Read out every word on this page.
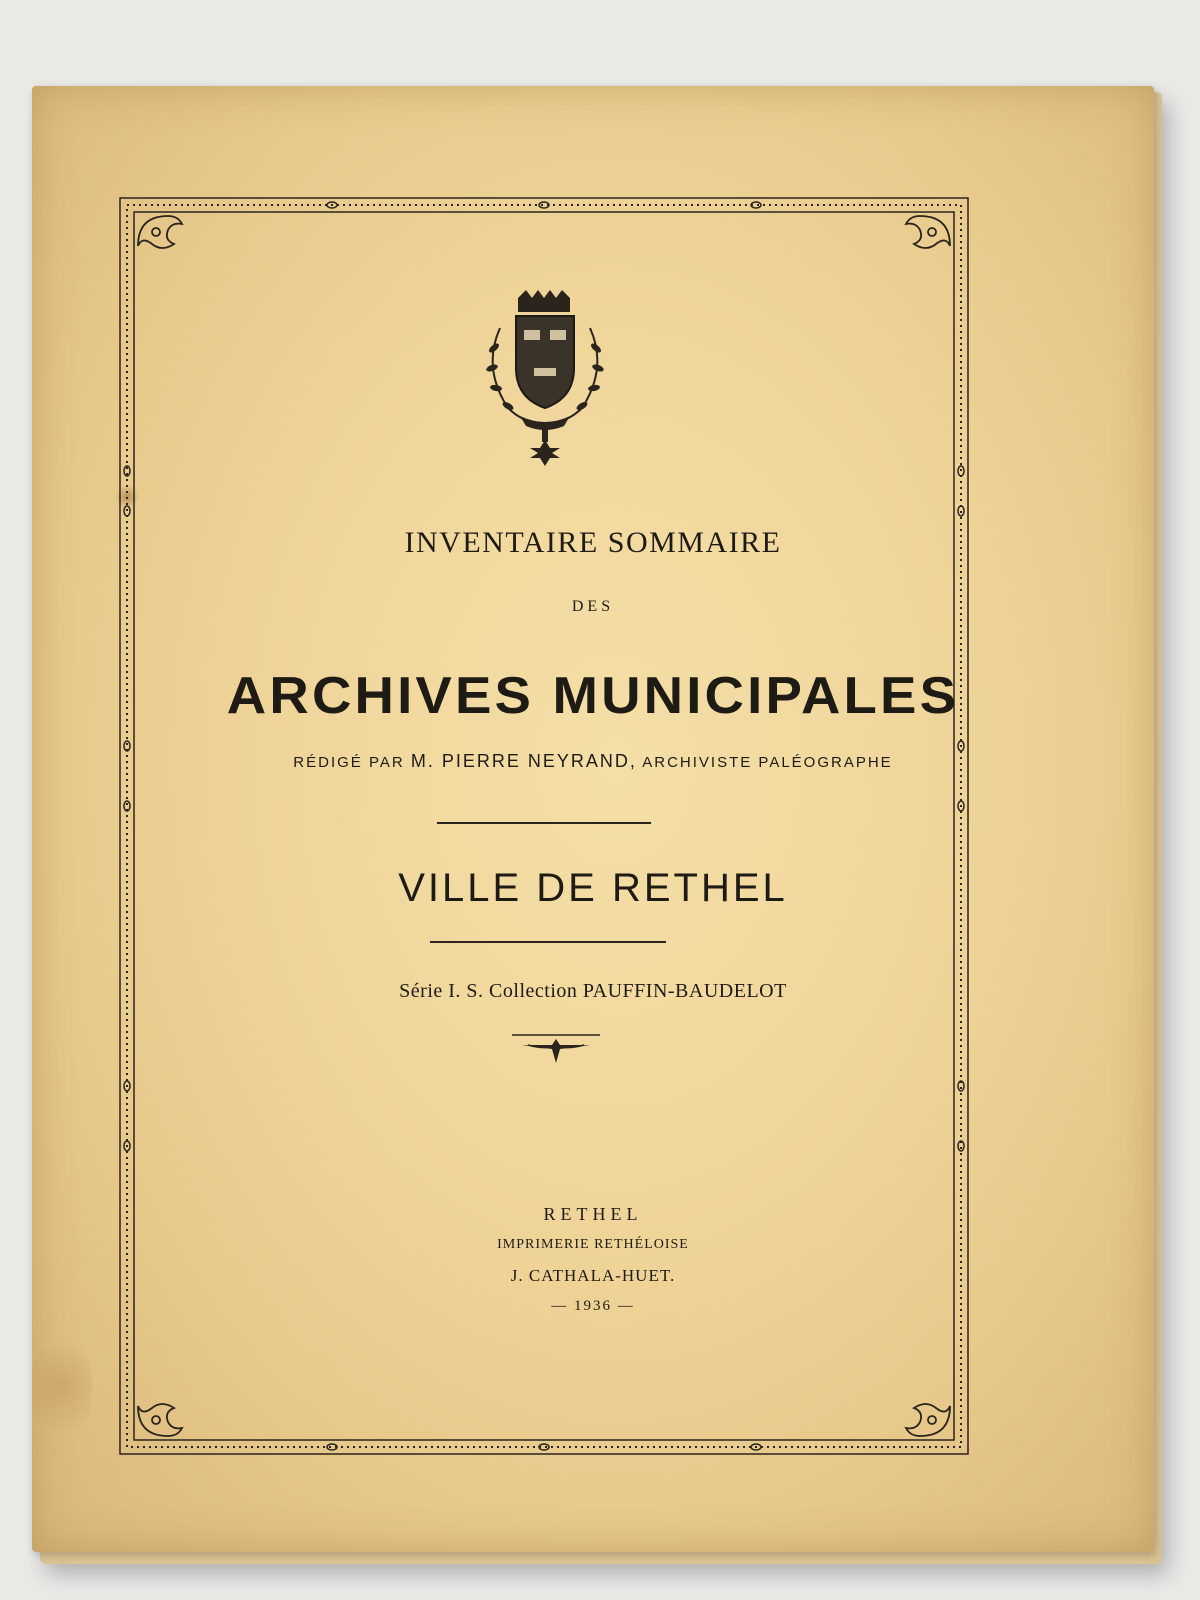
INVENTAIRE SOMMAIRE
DES
ARCHIVES MUNICIPALES
RÉDIGÉ PAR M. PIERRE NEYRAND, ARCHIVISTE PALÉOGRAPHE
VILLE DE RETHEL
Série I. S. Collection PAUFFIN-BAUDELOT
RETHEL
IMPRIMERIE RETHÉLOISE
J. CATHALA-HUET.
— 1936 —
